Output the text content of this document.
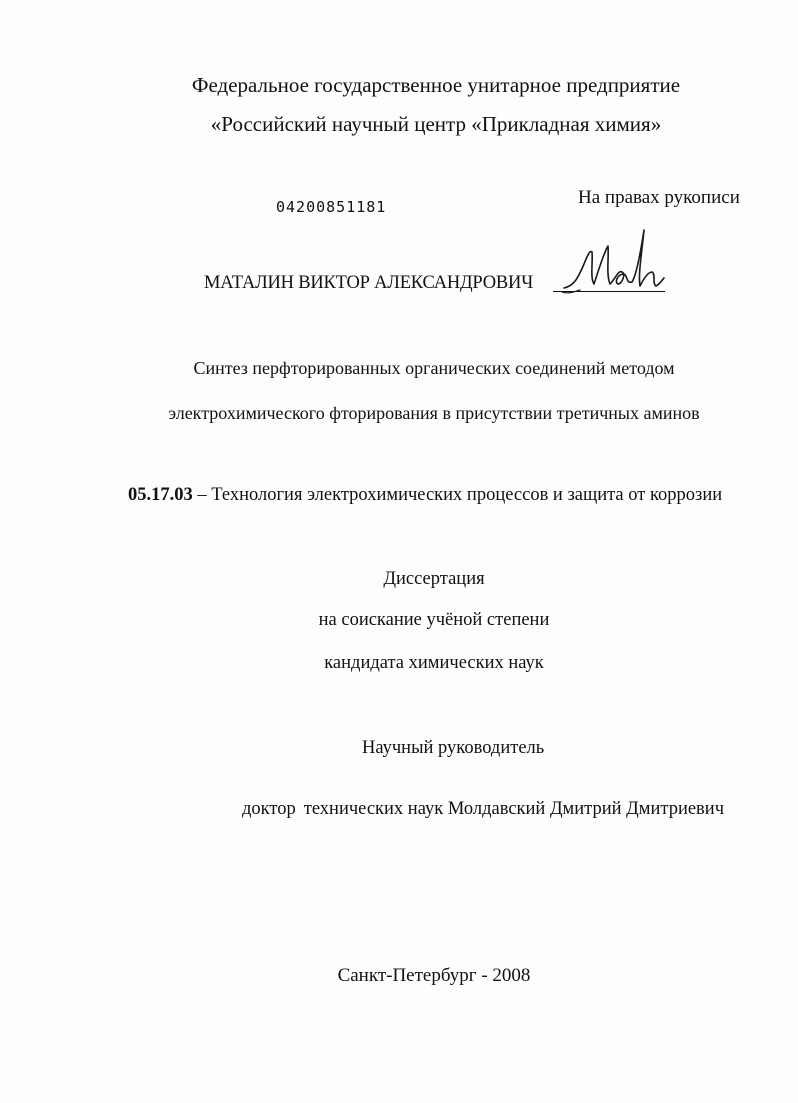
Федеральное государственное унитарное предприятие
«Российский научный центр «Прикладная химия»
04200851181	На правах рукописи
МАТАЛИН ВИКТОР АЛЕКСАНДРОВИЧ
Синтез перфторированных органических соединений методом
электрохимического фторирования в присутствии третичных аминов
05.17.03 – Технология электрохимических процессов и защита от коррозии
Диссертация
на соискание учёной степени
кандидата химических наук
Научный руководитель
доктор технических наук Молдавский Дмитрий Дмитриевич
Санкт-Петербург - 2008
